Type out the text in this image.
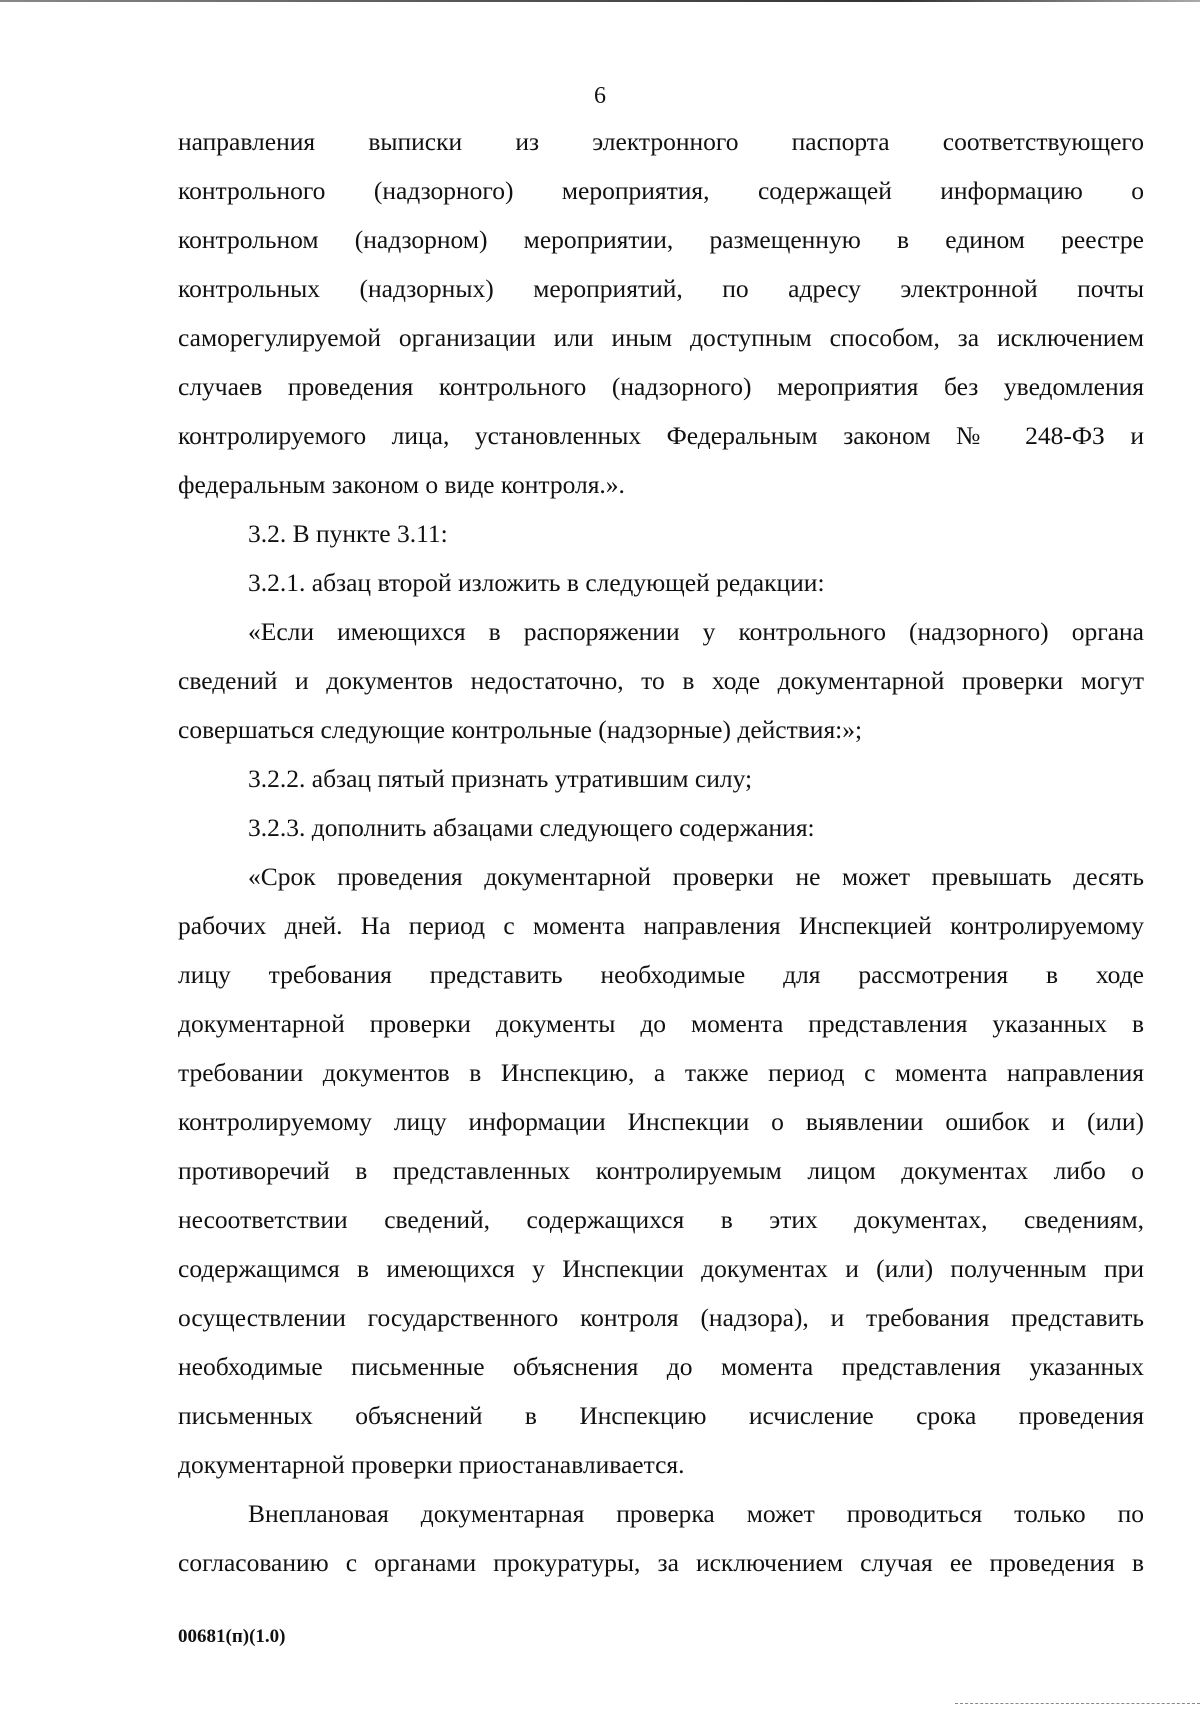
6
направления выписки из электронного паспорта соответствующего
контрольного (надзорного) мероприятия, содержащей информацию о
контрольном (надзорном) мероприятии, размещенную в едином реестре
контрольных (надзорных) мероприятий, по адресу электронной почты
саморегулируемой организации или иным доступным способом, за исключением
случаев проведения контрольного (надзорного) мероприятия без уведомления
контролируемого лица, установленных Федеральным законом № 248-ФЗ и
федеральным законом о виде контроля.».
3.2. В пункте 3.11:
3.2.1. абзац второй изложить в следующей редакции:
«Если имеющихся в распоряжении у контрольного (надзорного) органа
сведений и документов недостаточно, то в ходе документарной проверки могут
совершаться следующие контрольные (надзорные) действия:»;
3.2.2. абзац пятый признать утратившим силу;
3.2.3. дополнить абзацами следующего содержания:
«Срок проведения документарной проверки не может превышать десять
рабочих дней. На период с момента направления Инспекцией контролируемому
лицу требования представить необходимые для рассмотрения в ходе
документарной проверки документы до момента представления указанных в
требовании документов в Инспекцию, а также период с момента направления
контролируемому лицу информации Инспекции о выявлении ошибок и (или)
противоречий в представленных контролируемым лицом документах либо о
несоответствии сведений, содержащихся в этих документах, сведениям,
содержащимся в имеющихся у Инспекции документах и (или) полученным при
осуществлении государственного контроля (надзора), и требования представить
необходимые письменные объяснения до момента представления указанных
письменных объяснений в Инспекцию исчисление срока проведения
документарной проверки приостанавливается.
Внеплановая документарная проверка может проводиться только по
согласованию с органами прокуратуры, за исключением случая ее проведения в
00681(п)(1.0)
